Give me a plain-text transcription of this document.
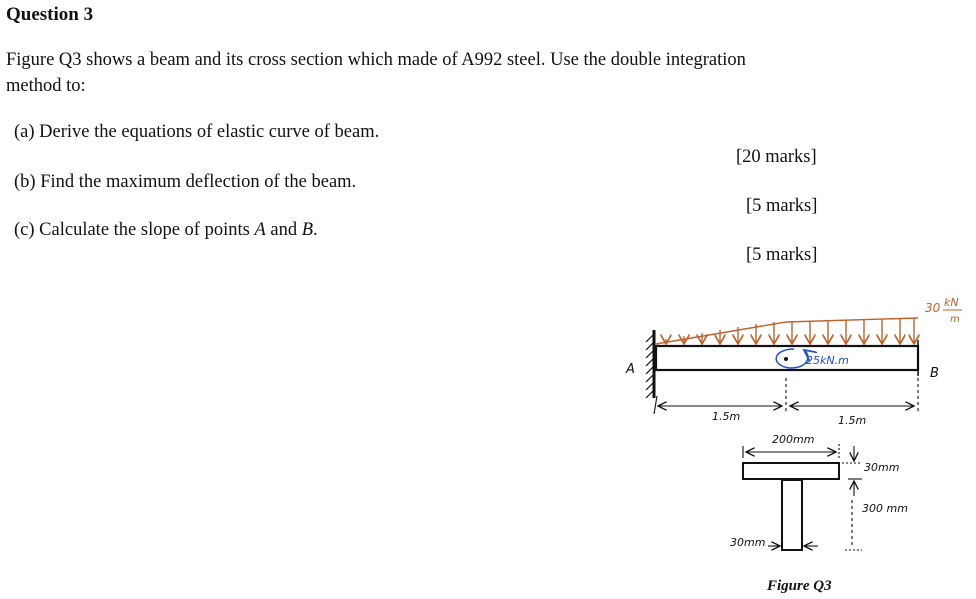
Question 3
Figure Q3 shows a beam and its cross section which made of A992 steel. Use the double integration
method to:
(a) Derive the equations of elastic curve of beam.
(b) Find the maximum deflection of the beam.
(c) Calculate the slope of points A and B.
[20 marks]
[5 marks]
[5 marks]
30 kN
m
25kN.m
A	B
1.5m	1.5m
200mm
30mm
300 mm
30mm
Figure Q3
